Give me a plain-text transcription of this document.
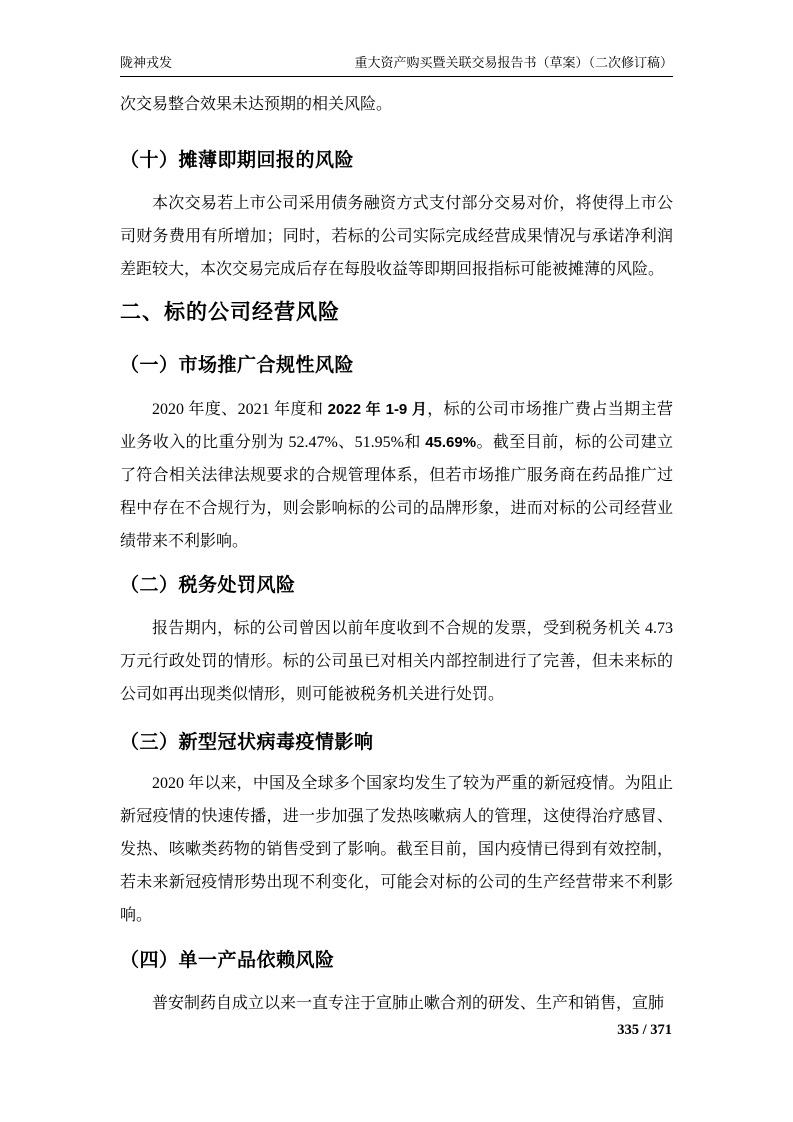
陇神戎发	重大资产购买暨关联交易报告书（草案）（二次修订稿）

次交易整合效果未达预期的相关风险。

（十）摊薄即期回报的风险

本次交易若上市公司采用债务融资方式支付部分交易对价，将使得上市公司财务费用有所增加；同时，若标的公司实际完成经营成果情况与承诺净利润差距较大，本次交易完成后存在每股收益等即期回报指标可能被摊薄的风险。

二、标的公司经营风险
（一）市场推广合规性风险

2020 年度、2021 年度和 2022 年 1-9 月，标的公司市场推广费占当期主营业务收入的比重分别为 52.47%、51.95%和 45.69%。截至目前，标的公司建立了符合相关法律法规要求的合规管理体系，但若市场推广服务商在药品推广过程中存在不合规行为，则会影响标的公司的品牌形象，进而对标的公司经营业绩带来不利影响。

（二）税务处罚风险

报告期内，标的公司曾因以前年度收到不合规的发票，受到税务机关 4.73 万元行政处罚的情形。标的公司虽已对相关内部控制进行了完善，但未来标的公司如再出现类似情形，则可能被税务机关进行处罚。

（三）新型冠状病毒疫情影响

2020 年以来，中国及全球多个国家均发生了较为严重的新冠疫情。为阻止新冠疫情的快速传播，进一步加强了发热咳嗽病人的管理，这使得治疗感冒、发热、咳嗽类药物的销售受到了影响。截至目前，国内疫情已得到有效控制，若未来新冠疫情形势出现不利变化，可能会对标的公司的生产经营带来不利影响。

（四）单一产品依赖风险

普安制药自成立以来一直专注于宣肺止嗽合剂的研发、生产和销售，宣肺

335 / 371
